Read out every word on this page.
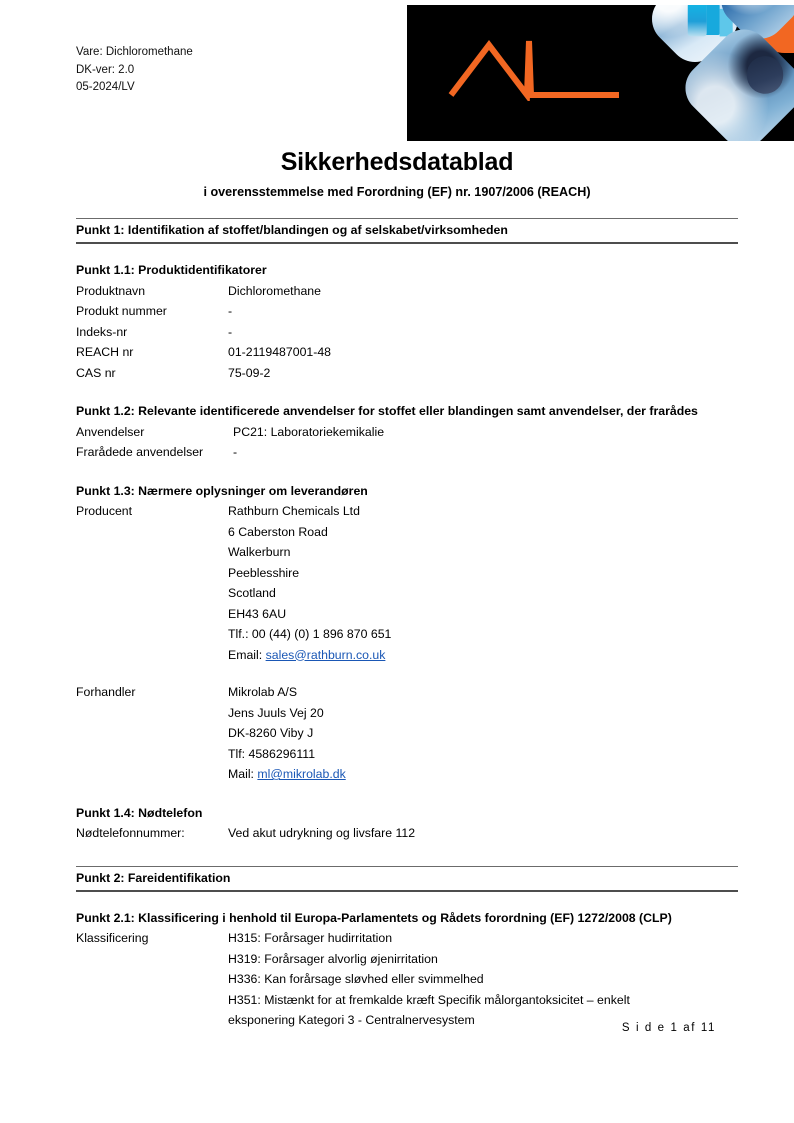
Vare: Dichloromethane
DK-ver: 2.0
05-2024/LV
Sikkerhedsdatablad
i overensstemmelse med Forordning (EF) nr. 1907/2006 (REACH)
Punkt 1: Identifikation af stoffet/blandingen og af selskabet/virksomheden
Punkt 1.1: Produktidentifikatorer
Produktnavn	Dichloromethane
Produkt nummer	-
Indeks-nr	-
REACH nr	01-2119487001-48
CAS nr	75-09-2
Punkt 1.2: Relevante identificerede anvendelser for stoffet eller blandingen samt anvendelser, der frarådes
Anvendelser	PC21: Laboratoriekemikalie
Frarådede anvendelser	-
Punkt 1.3: Nærmere oplysninger om leverandøren
Producent	Rathburn Chemicals Ltd
6 Caberston Road
Walkerburn
Peeblesshire
Scotland
EH43 6AU
Tlf.: 00 (44) (0) 1 896 870 651
Email: sales@rathburn.co.uk
Forhandler	Mikrolab A/S
Jens Juuls Vej 20
DK-8260 Viby J
Tlf: 4586296111
Mail: ml@mikrolab.dk
Punkt 1.4: Nødtelefon
Nødtelefonnummer:	Ved akut udrykning og livsfare 112
Punkt 2: Fareidentifikation
Punkt 2.1: Klassificering i henhold til Europa-Parlamentets og Rådets forordning (EF) 1272/2008 (CLP)
Klassificering	H315: Forårsager hudirritation
H319: Forårsager alvorlig øjenirritation
H336: Kan forårsage sløvhed eller svimmelhed
H351: Mistænkt for at fremkalde kræft Specifik målorgantoksicitet – enkelt
eksponering Kategori 3 - Centralnervesystem
S i d e 1 af 11
